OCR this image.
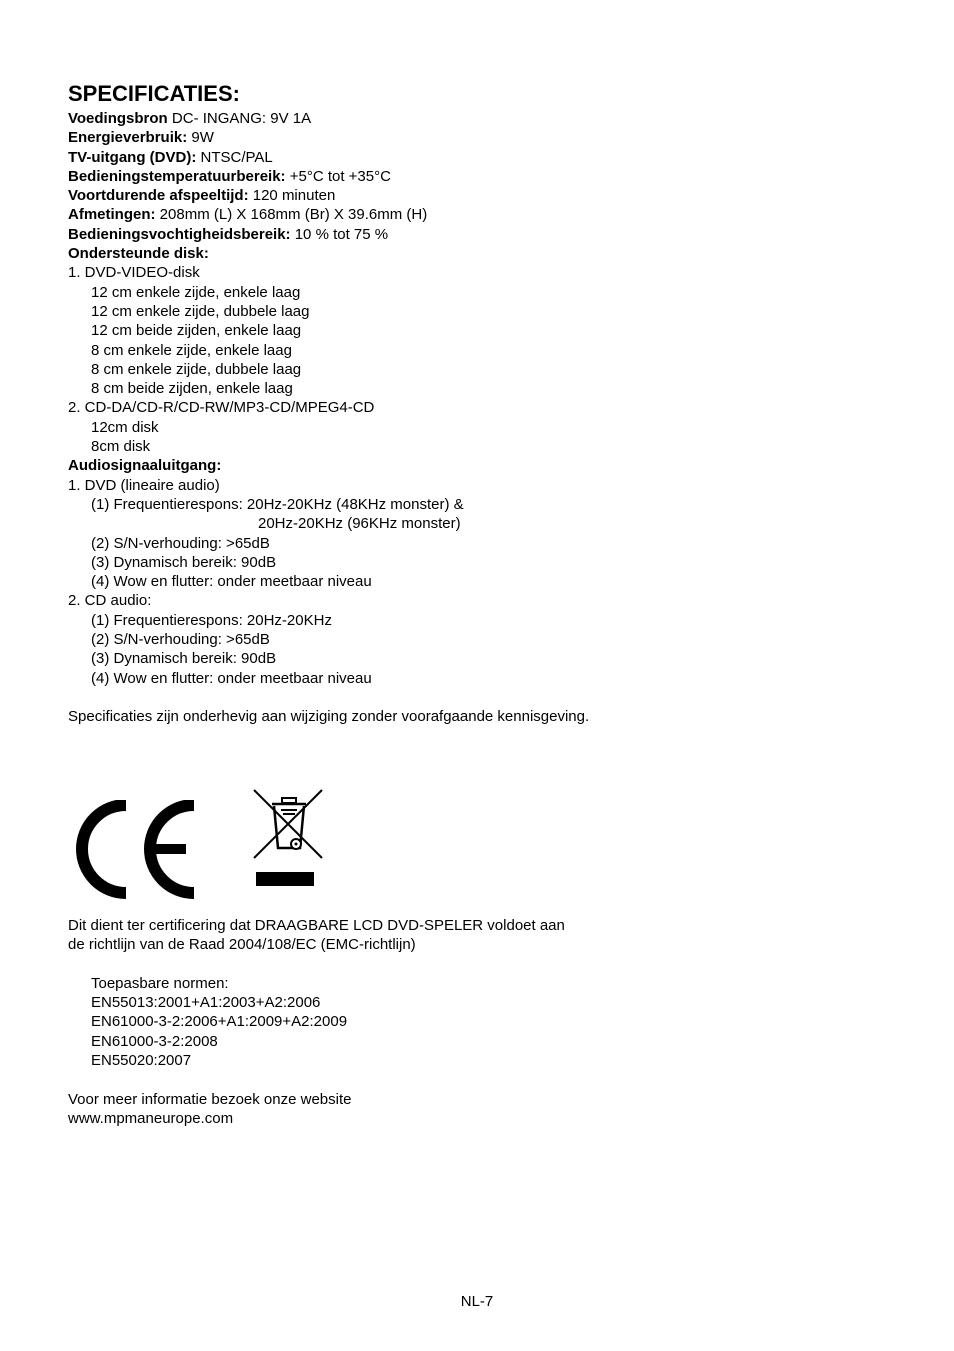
SPECIFICATIES:
Voedingsbron DC- INGANG: 9V 1A
Energieverbruik: 9W
TV-uitgang (DVD): NTSC/PAL
Bedieningstemperatuurbereik: +5°C tot +35°C
Voortdurende afspeeltijd: 120 minuten
Afmetingen: 208mm (L) X 168mm (Br) X 39.6mm (H)
Bedieningsvochtigheidsbereik: 10 % tot 75 %
Ondersteunde disk:
1. DVD-VIDEO-disk
12 cm enkele zijde, enkele laag
12 cm enkele zijde, dubbele laag
12 cm beide zijden, enkele laag
8 cm enkele zijde, enkele laag
8 cm enkele zijde, dubbele laag
8 cm beide zijden, enkele laag
2. CD-DA/CD-R/CD-RW/MP3-CD/MPEG4-CD
12cm disk
8cm disk
Audiosignaaluitgang:
1. DVD (lineaire audio)
(1) Frequentierespons: 20Hz-20KHz (48KHz monster) &
20Hz-20KHz (96KHz monster)
(2) S/N-verhouding: >65dB
(3) Dynamisch bereik: 90dB
(4) Wow en flutter: onder meetbaar niveau
2. CD audio:
(1) Frequentierespons: 20Hz-20KHz
(2) S/N-verhouding: >65dB
(3) Dynamisch bereik: 90dB
(4) Wow en flutter: onder meetbaar niveau
Specificaties zijn onderhevig aan wijziging zonder voorafgaande kennisgeving.
Dit dient ter certificering dat DRAAGBARE LCD DVD-SPELER voldoet aan
de richtlijn van de Raad 2004/108/EC (EMC-richtlijn)
Toepasbare normen:
EN55013:2001+A1:2003+A2:2006
EN61000-3-2:2006+A1:2009+A2:2009
EN61000-3-2:2008
EN55020:2007
Voor meer informatie bezoek onze website
www.mpmaneurope.com
NL-7
